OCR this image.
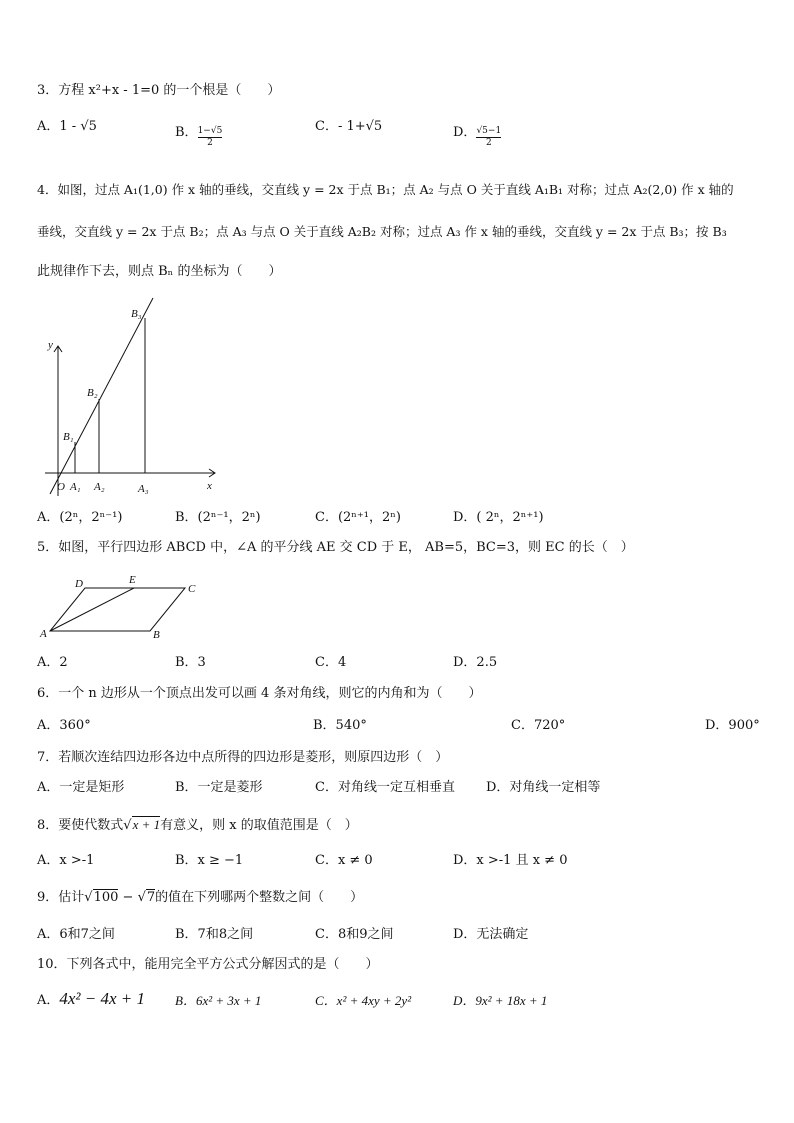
3．方程 x²+x - 1=0 的一个根是（　　）
A．1 - √5	B． $\frac{1-√5}{2}$	C．- 1+√5	D． $\frac{√5-1}{2}$
4．如图，过点 A₁(1,0) 作 x 轴的垂线，交直线 y = 2x 于点 B₁；点 A₂ 与点 O 关于直线 A₁B₁ 对称；过点 A₂(2,0) 作 x 轴的
垂线，交直线 y = 2x 于点 B₂；点 A₃ 与点 O 关于直线 A₂B₂ 对称；过点 A₃ 作 x 轴的垂线，交直线 y = 2x 于点 B₃；按 B₃
此规律作下去，则点 Bₙ 的坐标为（　　）
y
x
O A₁ A₂	A₃
B₁
B₂
B₃
A．(2ⁿ，2ⁿ⁻¹)	B．(2ⁿ⁻¹，2ⁿ)	C．(2ⁿ⁺¹，2ⁿ)	D．( 2ⁿ，2ⁿ⁺¹)
5．如图，平行四边形 ABCD 中，∠A 的平分线 AE 交 CD 于 E， AB=5，BC=3，则 EC 的长（　）
A	B
C
D	E
A．2	B．3	C．4	D．2.5
6．一个 n 边形从一个顶点出发可以画 4 条对角线，则它的内角和为（　　）
A．360°	B．540°	C．720°	D．900°
7．若顺次连结四边形各边中点所得的四边形是菱形，则原四边形（　）
A．一定是矩形	B．一定是菱形	C．对角线一定互相垂直 D．对角线一定相等
8．要使代数式√x + 1有意义，则 x 的取值范围是（　）
A．x >-1	B．x ≥ −1	C．x ≠ 0	D．x >-1 且 x ≠ 0
9．估计√100 − √7的值在下列哪两个整数之间（　　）
A．6和7之间	B．7和8之间	C．8和9之间	D．无法确定
10．下列各式中，能用完全平方公式分解因式的是（　　）
A．4x² − 4x + 1 B．6x² + 3x + 1	C．x² + 4xy + 2y²	D．9x² + 18x + 1
